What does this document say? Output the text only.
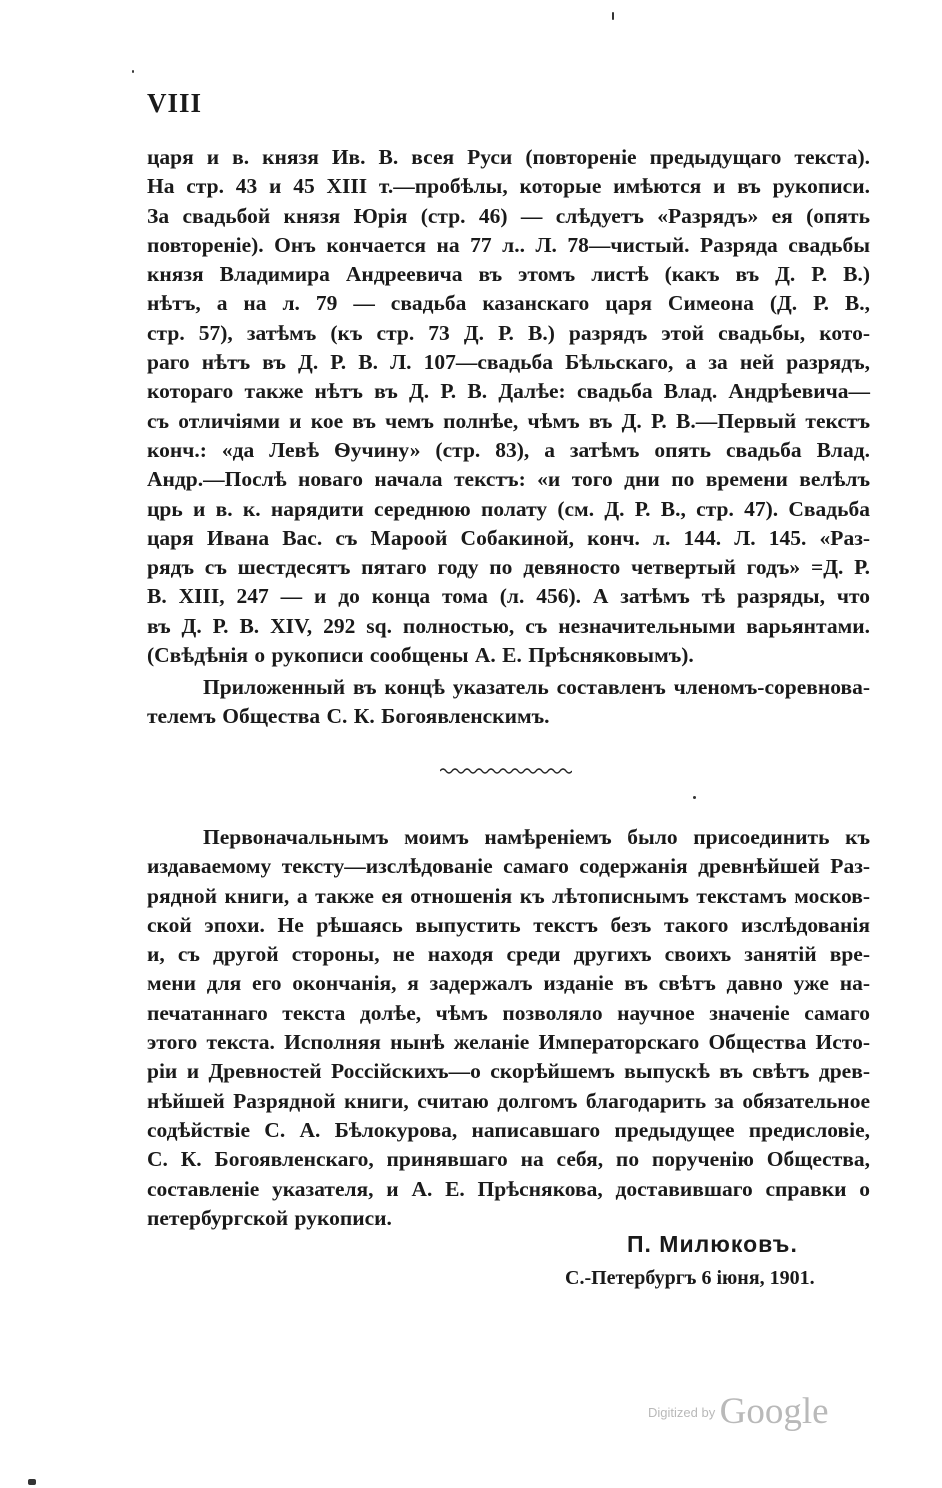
VIII
царя и в. князя Ив. В. всея Руси (повтореніе предыдущаго текста).
На стр. 43 и 45 XIII т.—пробѣлы, которые имѣются и въ рукописи.
За свадьбой князя Юрія (стр. 46) — слѣдуетъ «Разрядъ» ея (опять
повтореніе). Онъ кончается на 77 л.. Л. 78—чистый. Разряда свадьбы
князя Владимира Андреевича въ этомъ листѣ (какъ въ Д. Р. В.)
нѣтъ, а на л. 79 — свадьба казанскаго царя Симеона (Д. Р. В.,
стр. 57), затѣмъ (къ стр. 73 Д. Р. В.) разрядъ этой свадьбы, кото-
раго нѣтъ въ Д. Р. В. Л. 107—свадьба Бѣльскаго, а за ней разрядъ,
котораго также нѣтъ въ Д. Р. В. Далѣе: свадьба Влад. Андрѣевича—
съ отличіями и кое въ чемъ полнѣе, чѣмъ въ Д. Р. В.—Первый текстъ
конч.: «да Левѣ Ѳучину» (стр. 83), а затѣмъ опять свадьба Влад.
Андр.—Послѣ новаго начала текстъ: «и того дни по времени велѣлъ
црь и в. к. нарядити середнюю полату (см. Д. Р. В., стр. 47). Свадьба
царя Ивана Вас. съ Мароой Собакиной, конч. л. 144. Л. 145. «Раз-
рядъ съ шестдесятъ пятаго году по девяносто четвертый годъ» =Д. Р.
В. XIII, 247 — и до конца тома (л. 456). А затѣмъ тѣ разряды, что
въ Д. Р. В. XIV, 292 sq. полностью, съ незначительными варьянтами.
(Свѣдѣнія о рукописи сообщены А. Е. Прѣсняковымъ).
Приложенный въ концѣ указатель составленъ членомъ-соревнова-
телемъ Общества С. К. Богоявленскимъ.
Первоначальнымъ моимъ намѣреніемъ было присоединить къ
издаваемому тексту—изслѣдованіе самаго содержанія древнѣйшей Раз-
рядной книги, а также ея отношенія къ лѣтописнымъ текстамъ москов-
ской эпохи. Не рѣшаясь выпустить текстъ безъ такого изслѣдованія
и, съ другой стороны, не находя среди другихъ своихъ занятій вре-
мени для его окончанія, я задержалъ изданіе въ свѣтъ давно уже на-
печатаннаго текста долѣе, чѣмъ позволяло научное значеніе самаго
этого текста. Исполняя нынѣ желаніе Императорскаго Общества Исто-
ріи и Древностей Россійскихъ—о скорѣйшемъ выпускѣ въ свѣтъ древ-
нѣйшей Разрядной книги, считаю долгомъ благодарить за обязательное
содѣйствіе С. А. Бѣлокурова, написавшаго предыдущее предисловіе,
С. К. Богоявленскаго, принявшаго на себя, по порученію Общества,
составленіе указателя, и А. Е. Прѣснякова, доставившаго справки о
петербургской рукописи.
П. Милюковъ.
С.-Петербургъ 6 іюня, 1901.
$^{Digitized by}$ Google
